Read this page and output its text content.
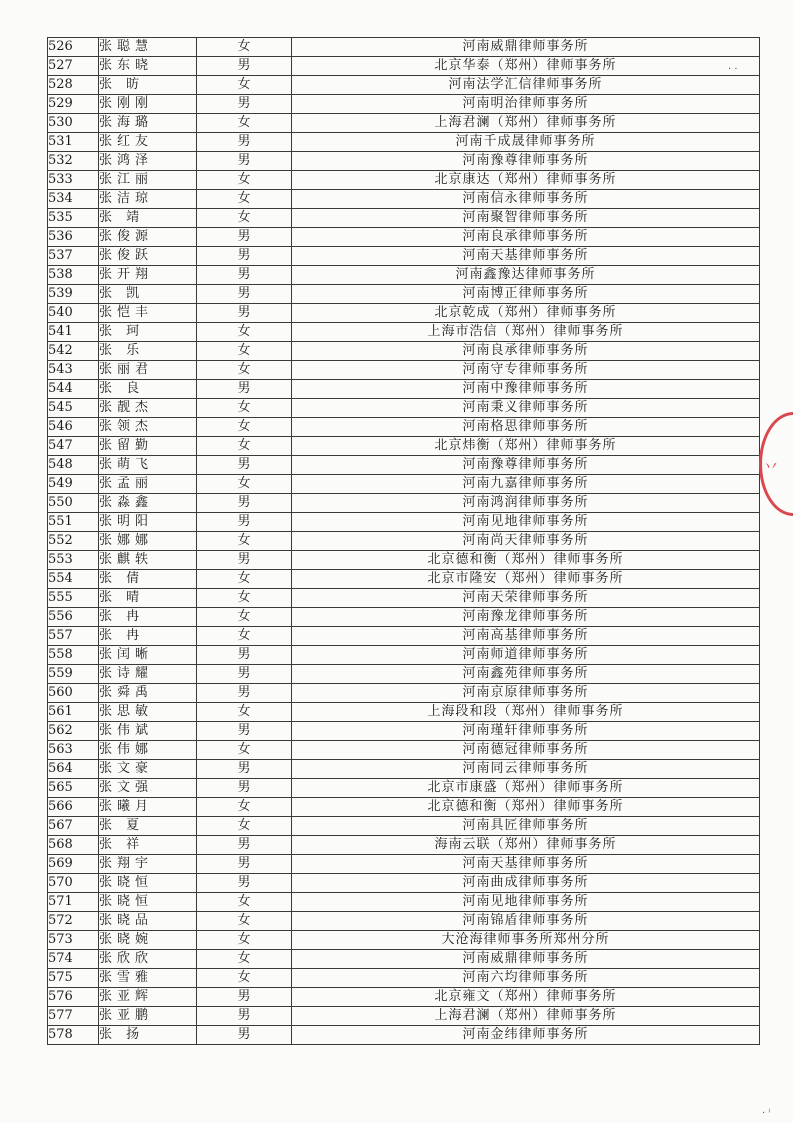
526	张聪慧	女	河南威鼎律师事务所
527	张东晓	男	北京华泰（郑州）律师事务所
528	张 昉	女	河南法学汇信律师事务所
529	张刚刚	男	河南明治律师事务所
530	张海璐	女	上海君澜（郑州）律师事务所
531	张红友	男	河南千成晟律师事务所
532	张鸿泽	男	河南豫尊律师事务所
533	张江丽	女	北京康达（郑州）律师事务所
534	张洁琼	女	河南信永律师事务所
535	张 靖	女	河南聚智律师事务所
536	张俊源	男	河南良承律师事务所
537	张俊跃	男	河南天基律师事务所
538	张开翔	男	河南鑫豫达律师事务所
539	张 凯	男	河南博正律师事务所
540	张恺丰	男	北京乾成（郑州）律师事务所
541	张 珂	女	上海市浩信（郑州）律师事务所
542	张 乐	女	河南良承律师事务所
543	张丽君	女	河南守专律师事务所
544	张 良	男	河南中豫律师事务所
545	张靓杰	女	河南秉义律师事务所
546	张领杰	女	河南格思律师事务所
547	张留勤	女	北京炜衡（郑州）律师事务所
548	张萌飞	男	河南豫尊律师事务所
549	张孟丽	女	河南九嘉律师事务所
550	张淼鑫	男	河南鸿润律师事务所
551	张明阳	男	河南见地律师事务所
552	张娜娜	女	河南尚天律师事务所
553	张麒轶	男	北京德和衡（郑州）律师事务所
554	张 倩	女	北京市隆安（郑州）律师事务所
555	张 晴	女	河南天荣律师事务所
556	张 冉	女	河南豫龙律师事务所
557	张 冉	女	河南高基律师事务所
558	张闰晰	男	河南师道律师事务所
559	张诗耀	男	河南鑫苑律师事务所
560	张舜禹	男	河南京原律师事务所
561	张思敏	女	上海段和段（郑州）律师事务所
562	张伟斌	男	河南瑾轩律师事务所
563	张伟娜	女	河南德冠律师事务所
564	张文豪	男	河南同云律师事务所
565	张文强	男	北京市康盛（郑州）律师事务所
566	张曦月	女	北京德和衡（郑州）律师事务所
567	张 夏	女	河南具匠律师事务所
568	张 祥	男	海南云联（郑州）律师事务所
569	张翔宇	男	河南天基律师事务所
570	张晓恒	男	河南曲成律师事务所
571	张晓恒	女	河南见地律师事务所
572	张晓品	女	河南锦盾律师事务所
573	张晓婉	女	大沧海律师事务所郑州分所
574	张欣欣	女	河南威鼎律师事务所
575	张雪雅	女	河南六均律师事务所
576	张亚辉	男	北京雍文（郑州）律师事务所
577	张亚鹏	男	上海君澜（郑州）律师事务所
578	张 扬	男	河南金纬律师事务所
丷
· ·
· ⁱ
